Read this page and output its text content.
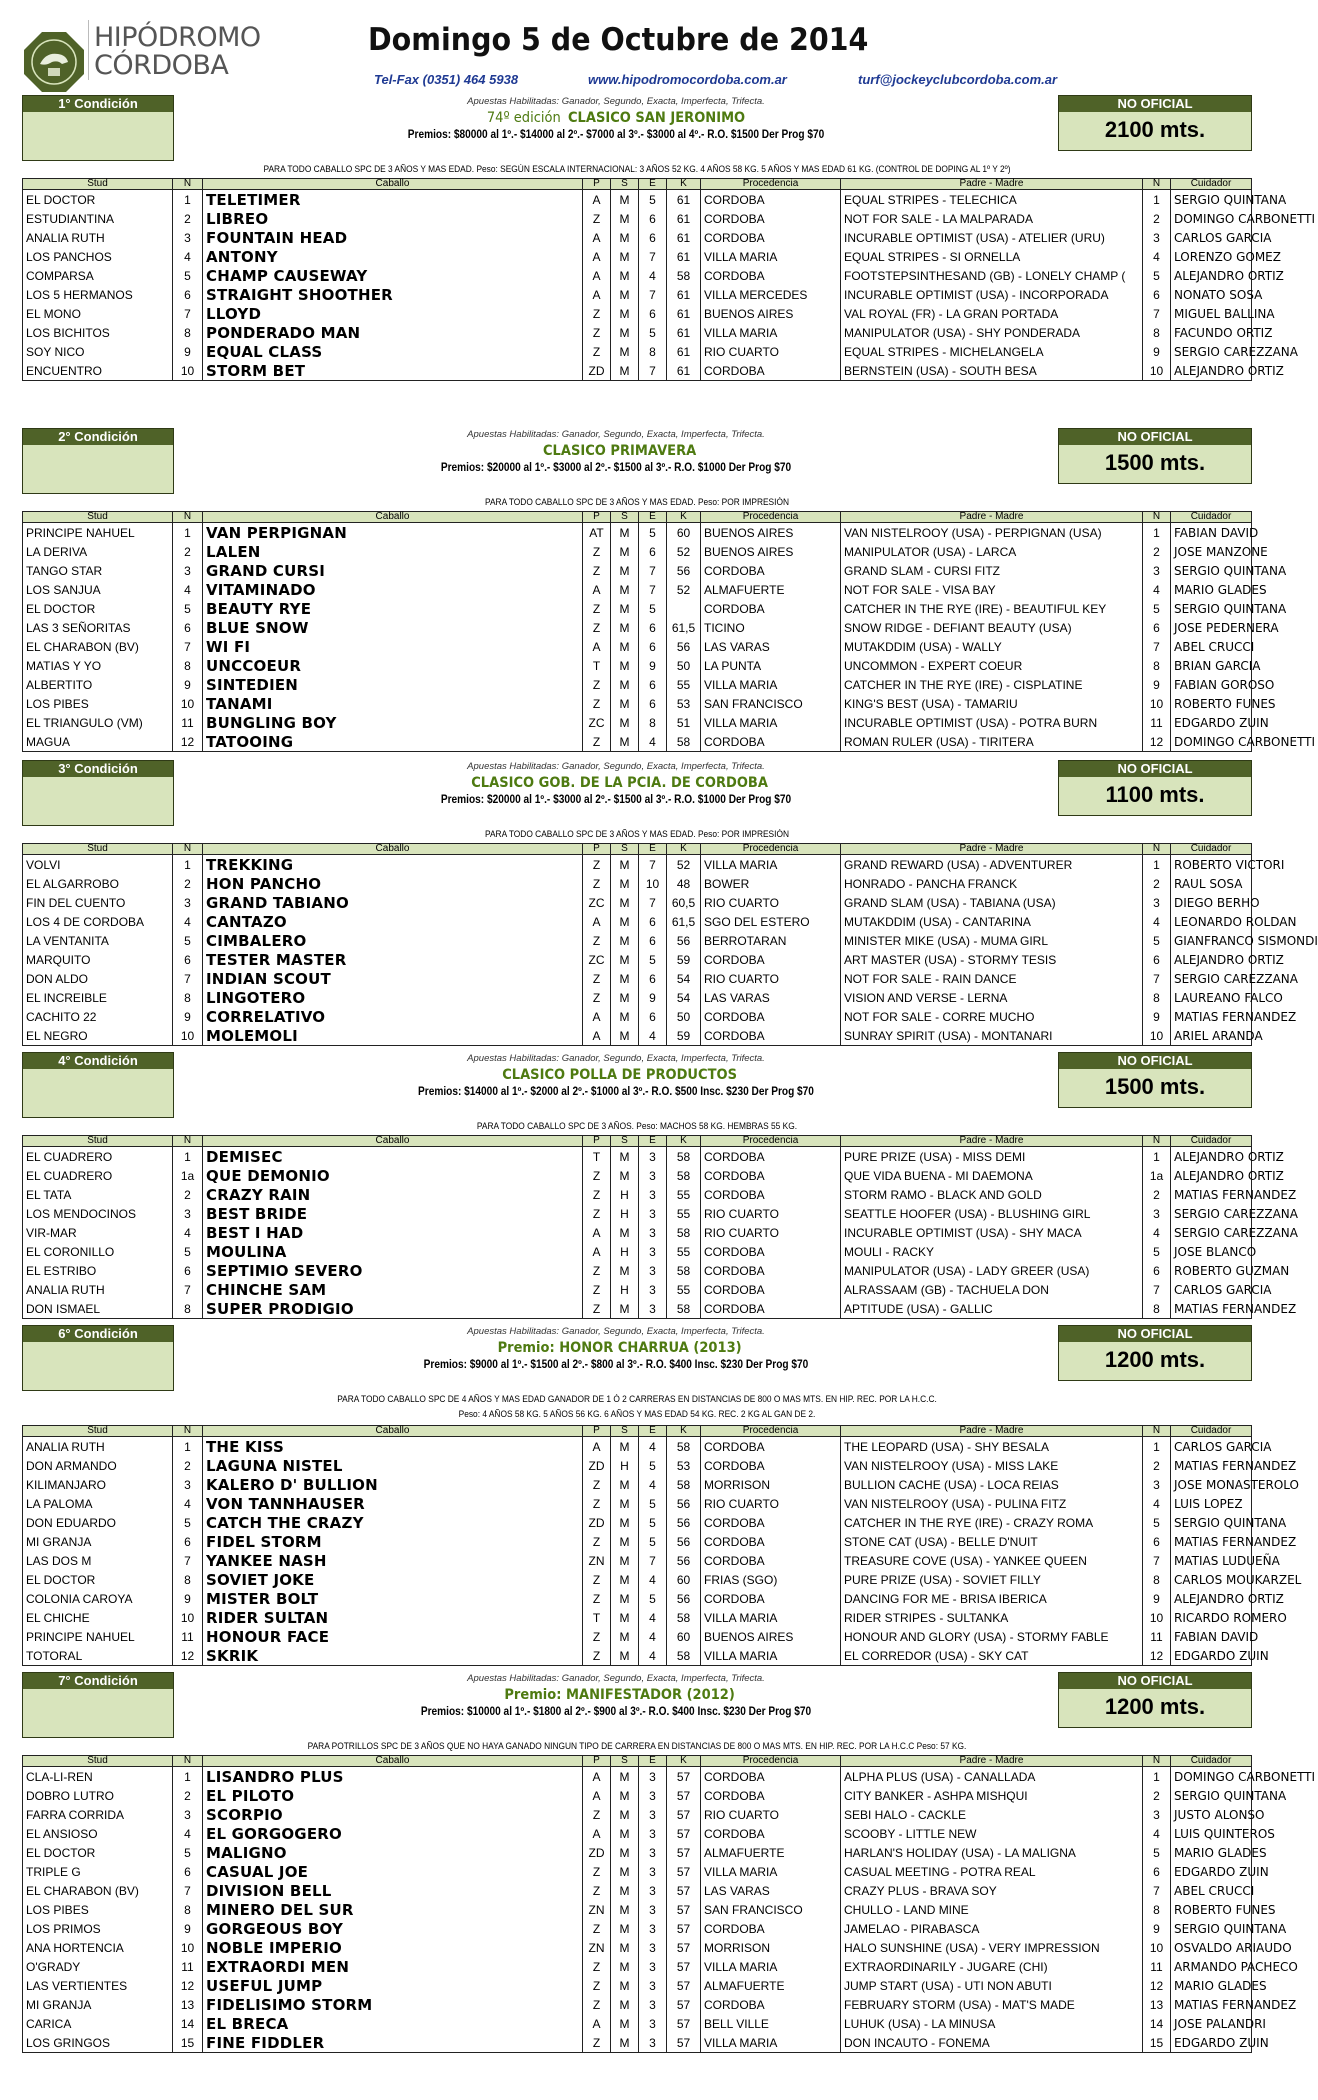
HIPÓDROMO
CÓRDOBA
Domingo 5 de Octubre de 2014
Tel-Fax (0351) 464 5938	www.hipodromocordoba.com.ar	turf@jockeyclubcordoba.com.ar
1° Condición	NO OFICIAL
2100 mts.
Apuestas Habilitadas: Ganador, Segundo, Exacta, Imperfecta, Trifecta.
74º edición CLASICO SAN JERONIMO
Premios: $80000 al 1º.- $14000 al 2º.- $7000 al 3º.- $3000 al 4º.- R.O. $1500 Der Prog $70
PARA TODO CABALLO SPC DE 3 AÑOS Y MAS EDAD. Peso: SEGÚN ESCALA INTERNACIONAL: 3 AÑOS 52 KG. 4 AÑOS 58 KG. 5 AÑOS Y MAS EDAD 61 KG. (CONTROL DE DOPING AL 1º Y 2º)
Stud	N	Caballo	P	S	E	K	Procedencia	Padre - Madre	N	Cuidador
EL DOCTOR	1	TELETIMER	A	M	5	61	CORDOBA	EQUAL STRIPES - TELECHICA	1	SERGIO QUINTANA
ESTUDIANTINA	2	LIBREO	Z	M	6	61	CORDOBA	NOT FOR SALE - LA MALPARADA	2	DOMINGO CARBONETTI
ANALIA RUTH	3	FOUNTAIN HEAD	A	M	6	61	CORDOBA	INCURABLE OPTIMIST (USA) - ATELIER (URU)	3	CARLOS GARCIA
LOS PANCHOS	4	ANTONY	A	M	7	61	VILLA MARIA	EQUAL STRIPES - SI ORNELLA	4	LORENZO GOMEZ
COMPARSA	5	CHAMP CAUSEWAY	A	M	4	58	CORDOBA	FOOTSTEPSINTHESAND (GB) - LONELY CHAMP (	5	ALEJANDRO ORTIZ
LOS 5 HERMANOS	6	STRAIGHT SHOOTHER	A	M	7	61	VILLA MERCEDES	INCURABLE OPTIMIST (USA) - INCORPORADA	6	NONATO SOSA
EL MONO	7	LLOYD	Z	M	6	61	BUENOS AIRES	VAL ROYAL (FR) - LA GRAN PORTADA	7	MIGUEL BALLINA
LOS BICHITOS	8	PONDERADO MAN	Z	M	5	61	VILLA MARIA	MANIPULATOR (USA) - SHY PONDERADA	8	FACUNDO ORTIZ
SOY NICO	9	EQUAL CLASS	Z	M	8	61	RIO CUARTO	EQUAL STRIPES - MICHELANGELA	9	SERGIO CAREZZANA
ENCUENTRO	10	STORM BET	ZD	M	7	61	CORDOBA	BERNSTEIN (USA) - SOUTH BESA	10	ALEJANDRO ORTIZ
2° Condición	NO OFICIAL
1500 mts.
Apuestas Habilitadas: Ganador, Segundo, Exacta, Imperfecta, Trifecta.
CLASICO PRIMAVERA
Premios: $20000 al 1º.- $3000 al 2º.- $1500 al 3º.- R.O. $1000 Der Prog $70
PARA TODO CABALLO SPC DE 3 AÑOS Y MAS EDAD. Peso: POR IMPRESIÓN
Stud	N	Caballo	P	S	E	K	Procedencia	Padre - Madre	N	Cuidador
PRINCIPE NAHUEL	1	VAN PERPIGNAN	AT	M	5	60	BUENOS AIRES	VAN NISTELROOY (USA) - PERPIGNAN (USA)	1	FABIAN DAVID
LA DERIVA	2	LALEN	Z	M	6	52	BUENOS AIRES	MANIPULATOR (USA) - LARCA	2	JOSE MANZONE
TANGO STAR	3	GRAND CURSI	Z	M	7	56	CORDOBA	GRAND SLAM - CURSI FITZ	3	SERGIO QUINTANA
LOS SANJUA	4	VITAMINADO	A	M	7	52	ALMAFUERTE	NOT FOR SALE - VISA BAY	4	MARIO GLADES
EL DOCTOR	5	BEAUTY RYE	Z	M	5		CORDOBA	CATCHER IN THE RYE (IRE) - BEAUTIFUL KEY	5	SERGIO QUINTANA
LAS 3 SEÑORITAS	6	BLUE SNOW	Z	M	6	61,5	TICINO	SNOW RIDGE - DEFIANT BEAUTY (USA)	6	JOSE PEDERNERA
EL CHARABON (BV)	7	WI FI	A	M	6	56	LAS VARAS	MUTAKDDIM (USA) - WALLY	7	ABEL CRUCCI
MATIAS Y YO	8	UNCCOEUR	T	M	9	50	LA PUNTA	UNCOMMON - EXPERT COEUR	8	BRIAN GARCIA
ALBERTITO	9	SINTEDIEN	Z	M	6	55	VILLA MARIA	CATCHER IN THE RYE (IRE) - CISPLATINE	9	FABIAN GOROSO
LOS PIBES	10	TANAMI	Z	M	6	53	SAN FRANCISCO	KING'S BEST (USA) - TAMARIU	10	ROBERTO FUNES
EL TRIANGULO (VM)	11	BUNGLING BOY	ZC	M	8	51	VILLA MARIA	INCURABLE OPTIMIST (USA) - POTRA BURN	11	EDGARDO ZUIN
MAGUA	12	TATOOING	Z	M	4	58	CORDOBA	ROMAN RULER (USA) - TIRITERA	12	DOMINGO CARBONETTI
3° Condición	NO OFICIAL
1100 mts.
Apuestas Habilitadas: Ganador, Segundo, Exacta, Imperfecta, Trifecta.
CLASICO GOB. DE LA PCIA. DE CORDOBA
Premios: $20000 al 1º.- $3000 al 2º.- $1500 al 3º.- R.O. $1000 Der Prog $70
PARA TODO CABALLO SPC DE 3 AÑOS Y MAS EDAD. Peso: POR IMPRESIÓN
Stud	N	Caballo	P	S	E	K	Procedencia	Padre - Madre	N	Cuidador
VOLVI	1	TREKKING	Z	M	7	52	VILLA MARIA	GRAND REWARD (USA) - ADVENTURER	1	ROBERTO VICTORI
EL ALGARROBO	2	HON PANCHO	Z	M	10	48	BOWER	HONRADO - PANCHA FRANCK	2	RAUL SOSA
FIN DEL CUENTO	3	GRAND TABIANO	ZC	M	7	60,5	RIO CUARTO	GRAND SLAM (USA) - TABIANA (USA)	3	DIEGO BERHO
LOS 4 DE CORDOBA	4	CANTAZO	A	M	6	61,5	SGO DEL ESTERO	MUTAKDDIM (USA) - CANTARINA	4	LEONARDO ROLDAN
LA VENTANITA	5	CIMBALERO	Z	M	6	56	BERROTARAN	MINISTER MIKE (USA) - MUMA GIRL	5	GIANFRANCO SISMONDI
MARQUITO	6	TESTER MASTER	ZC	M	5	59	CORDOBA	ART MASTER (USA) - STORMY TESIS	6	ALEJANDRO ORTIZ
DON ALDO	7	INDIAN SCOUT	Z	M	6	54	RIO CUARTO	NOT FOR SALE - RAIN DANCE	7	SERGIO CAREZZANA
EL INCREIBLE	8	LINGOTERO	Z	M	9	54	LAS VARAS	VISION AND VERSE - LERNA	8	LAUREANO FALCO
CACHITO 22	9	CORRELATIVO	A	M	6	50	CORDOBA	NOT FOR SALE - CORRE MUCHO	9	MATIAS FERNANDEZ
EL NEGRO	10	MOLEMOLI	A	M	4	59	CORDOBA	SUNRAY SPIRIT (USA) - MONTANARI	10	ARIEL ARANDA
4° Condición	NO OFICIAL
1500 mts.
Apuestas Habilitadas: Ganador, Segundo, Exacta, Imperfecta, Trifecta.
CLASICO POLLA DE PRODUCTOS
Premios: $14000 al 1º.- $2000 al 2º.- $1000 al 3º.- R.O. $500 Insc. $230 Der Prog $70
PARA TODO CABALLO SPC DE 3 AÑOS. Peso: MACHOS 58 KG. HEMBRAS 55 KG.
Stud	N	Caballo	P	S	E	K	Procedencia	Padre - Madre	N	Cuidador
EL CUADRERO	1	DEMISEC	T	M	3	58	CORDOBA	PURE PRIZE (USA) - MISS DEMI	1	ALEJANDRO ORTIZ
EL CUADRERO	1a	QUE DEMONIO	Z	M	3	58	CORDOBA	QUE VIDA BUENA - MI DAEMONA	1a	ALEJANDRO ORTIZ
EL TATA	2	CRAZY RAIN	Z	H	3	55	CORDOBA	STORM RAMO - BLACK AND GOLD	2	MATIAS FERNANDEZ
LOS MENDOCINOS	3	BEST BRIDE	Z	H	3	55	RIO CUARTO	SEATTLE HOOFER (USA) - BLUSHING GIRL	3	SERGIO CAREZZANA
VIR-MAR	4	BEST I HAD	A	M	3	58	RIO CUARTO	INCURABLE OPTIMIST (USA) - SHY MACA	4	SERGIO CAREZZANA
EL CORONILLO	5	MOULINA	A	H	3	55	CORDOBA	MOULI - RACKY	5	JOSE BLANCO
EL ESTRIBO	6	SEPTIMIO SEVERO	Z	M	3	58	CORDOBA	MANIPULATOR (USA) - LADY GREER (USA)	6	ROBERTO GUZMAN
ANALIA RUTH	7	CHINCHE SAM	Z	H	3	55	CORDOBA	ALRASSAAM (GB) - TACHUELA DON	7	CARLOS GARCIA
DON ISMAEL	8	SUPER PRODIGIO	Z	M	3	58	CORDOBA	APTITUDE (USA) - GALLIC	8	MATIAS FERNANDEZ
6° Condición	NO OFICIAL
1200 mts.
Apuestas Habilitadas: Ganador, Segundo, Exacta, Imperfecta, Trifecta.
Premio: HONOR CHARRUA (2013)
Premios: $9000 al 1º.- $1500 al 2º.- $800 al 3º.- R.O. $400 Insc. $230 Der Prog $70
PARA TODO CABALLO SPC DE 4 AÑOS Y MAS EDAD GANADOR DE 1 Ó 2 CARRERAS EN DISTANCIAS DE 800 O MAS MTS. EN HIP. REC. POR LA H.C.C.
Peso: 4 AÑOS 58 KG. 5 AÑOS 56 KG. 6 AÑOS Y MAS EDAD 54 KG. REC. 2 KG AL GAN DE 2.
Stud	N	Caballo	P	S	E	K	Procedencia	Padre - Madre	N	Cuidador
ANALIA RUTH	1	THE KISS	A	M	4	58	CORDOBA	THE LEOPARD (USA) - SHY BESALA	1	CARLOS GARCIA
DON ARMANDO	2	LAGUNA NISTEL	ZD	H	5	53	CORDOBA	VAN NISTELROOY (USA) - MISS LAKE	2	MATIAS FERNANDEZ
KILIMANJARO	3	KALERO D' BULLION	Z	M	4	58	MORRISON	BULLION CACHE (USA) - LOCA REIAS	3	JOSE MONASTEROLO
LA PALOMA	4	VON TANNHAUSER	Z	M	5	56	RIO CUARTO	VAN NISTELROOY (USA) - PULINA FITZ	4	LUIS LOPEZ
DON EDUARDO	5	CATCH THE CRAZY	ZD	M	5	56	CORDOBA	CATCHER IN THE RYE (IRE) - CRAZY ROMA	5	SERGIO QUINTANA
MI GRANJA	6	FIDEL STORM	Z	M	5	56	CORDOBA	STONE CAT (USA) - BELLE D'NUIT	6	MATIAS FERNANDEZ
LAS DOS M	7	YANKEE NASH	ZN	M	7	56	CORDOBA	TREASURE COVE (USA) - YANKEE QUEEN	7	MATIAS LUDUEÑA
EL DOCTOR	8	SOVIET JOKE	Z	M	4	60	FRIAS (SGO)	PURE PRIZE (USA) - SOVIET FILLY	8	CARLOS MOUKARZEL
COLONIA CAROYA	9	MISTER BOLT	Z	M	5	56	CORDOBA	DANCING FOR ME - BRISA IBERICA	9	ALEJANDRO ORTIZ
EL CHICHE	10	RIDER SULTAN	T	M	4	58	VILLA MARIA	RIDER STRIPES - SULTANKA	10	RICARDO ROMERO
PRINCIPE NAHUEL	11	HONOUR FACE	Z	M	4	60	BUENOS AIRES	HONOUR AND GLORY (USA) - STORMY FABLE	11	FABIAN DAVID
TOTORAL	12	SKRIK	Z	M	4	58	VILLA MARIA	EL CORREDOR (USA) - SKY CAT	12	EDGARDO ZUIN
7° Condición	NO OFICIAL
1200 mts.
Apuestas Habilitadas: Ganador, Segundo, Exacta, Imperfecta, Trifecta.
Premio: MANIFESTADOR (2012)
Premios: $10000 al 1º.- $1800 al 2º.- $900 al 3º.- R.O. $400 Insc. $230 Der Prog $70
PARA POTRILLOS SPC DE 3 AÑOS QUE NO HAYA GANADO NINGUN TIPO DE CARRERA EN DISTANCIAS DE 800 O MAS MTS. EN HIP. REC. POR LA H.C.C Peso: 57 KG.
Stud	N	Caballo	P	S	E	K	Procedencia	Padre - Madre	N	Cuidador
CLA-LI-REN	1	LISANDRO PLUS	A	M	3	57	CORDOBA	ALPHA PLUS (USA) - CANALLADA	1	DOMINGO CARBONETTI
DOBRO LUTRO	2	EL PILOTO	A	M	3	57	CORDOBA	CITY BANKER - ASHPA MISHQUI	2	SERGIO QUINTANA
FARRA CORRIDA	3	SCORPIO	Z	M	3	57	RIO CUARTO	SEBI HALO - CACKLE	3	JUSTO ALONSO
EL ANSIOSO	4	EL GORGOGERO	A	M	3	57	CORDOBA	SCOOBY - LITTLE NEW	4	LUIS QUINTEROS
EL DOCTOR	5	MALIGNO	ZD	M	3	57	ALMAFUERTE	HARLAN'S HOLIDAY (USA) - LA MALIGNA	5	MARIO GLADES
TRIPLE G	6	CASUAL JOE	Z	M	3	57	VILLA MARIA	CASUAL MEETING - POTRA REAL	6	EDGARDO ZUIN
EL CHARABON (BV)	7	DIVISION BELL	Z	M	3	57	LAS VARAS	CRAZY PLUS - BRAVA SOY	7	ABEL CRUCCI
LOS PIBES	8	MINERO DEL SUR	ZN	M	3	57	SAN FRANCISCO	CHULLO - LAND MINE	8	ROBERTO FUNES
LOS PRIMOS	9	GORGEOUS BOY	Z	M	3	57	CORDOBA	JAMELAO - PIRABASCA	9	SERGIO QUINTANA
ANA HORTENCIA	10	NOBLE IMPERIO	ZN	M	3	57	MORRISON	HALO SUNSHINE (USA) - VERY IMPRESSION	10	OSVALDO ARIAUDO
O'GRADY	11	EXTRAORDI MEN	Z	M	3	57	VILLA MARIA	EXTRAORDINARILY - JUGARE (CHI)	11	ARMANDO PACHECO
LAS VERTIENTES	12	USEFUL JUMP	Z	M	3	57	ALMAFUERTE	JUMP START (USA) - UTI NON ABUTI	12	MARIO GLADES
MI GRANJA	13	FIDELISIMO STORM	Z	M	3	57	CORDOBA	FEBRUARY STORM (USA) - MAT'S MADE	13	MATIAS FERNANDEZ
CARICA	14	EL BRECA	A	M	3	57	BELL VILLE	LUHUK (USA) - LA MINUSA	14	JOSE PALANDRI
LOS GRINGOS	15	FINE FIDDLER	Z	M	3	57	VILLA MARIA	DON INCAUTO - FONEMA	15	EDGARDO ZUIN
